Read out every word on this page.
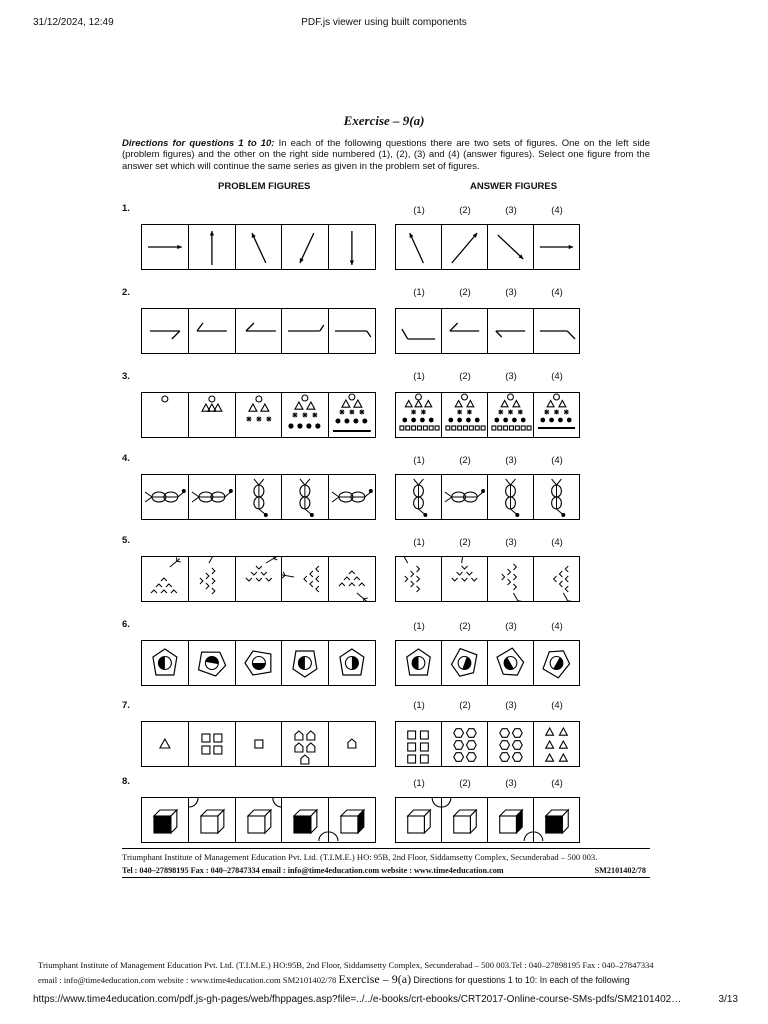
31/12/2024, 12:49	PDF.js viewer using built components
Exercise – 9(a)
Directions for questions 1 to 10: In each of the following questions there are two sets of figures. One on the left side (problem figures) and the other on the right side numbered (1), (2), (3) and (4) (answer figures). Select one figure from the answer set which will continue the same series as given in the problem set of figures.
PROBLEM FIGURES	ANSWER FIGURES
1.	(1)	(2)	(3)	(4)
2.	(1)	(2)	(3)	(4)
3.	(1)	(2)	(3)	(4)
4.	(1)	(2)	(3)	(4)
5.	(1)	(2)	(3)	(4)
6.	(1)	(2)	(3)	(4)
7.	(1)	(2)	(3)	(4)
8.	(1)	(2)	(3)	(4)
Triumphant Institute of Management Education Pvt. Ltd. (T.I.M.E.) HO: 95B, 2nd Floor, Siddamsetty Complex, Secunderabad – 500 003.
Tel : 040–27898195 Fax : 040–27847334 email : info@time4education.com website : www.time4education.com	SM2101402/78
Triumphant Institute of Management Education Pvt. Ltd. (T.I.M.E.) HO:95B, 2nd Floor, Siddamsetty Complex, Secunderabad – 500 003.Tel : 040–27898195 Fax : 040–27847334
email : info@time4education.com website : www.time4education.com SM2101402/78 Exercise – 9(a) Directions for questions 1 to 10: In each of the following
https://www.time4education.com/pdf.js-gh-pages/web/fhppages.asp?file=../../e-books/crt-ebooks/CRT2017-Online-course-SMs-pdfs/SM2101402…	3/13
